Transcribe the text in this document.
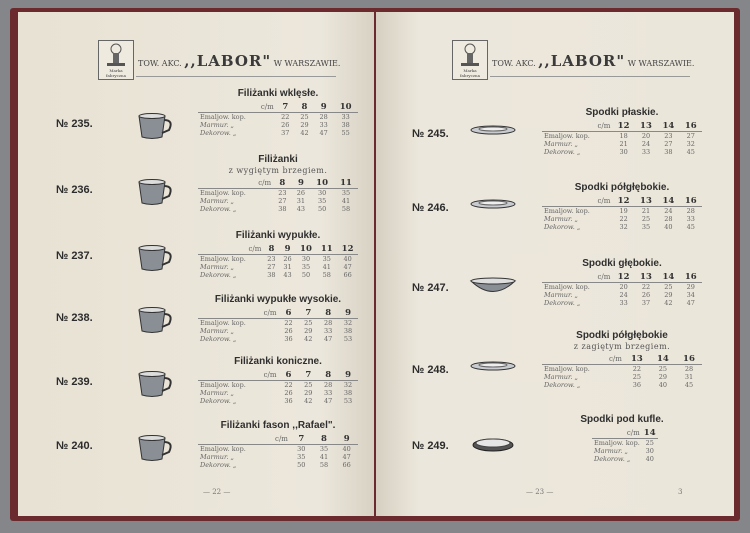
Marka fabryczna
TOW. AKC. ,,LABOR" W WARSZAWIE.
— 22 —
№ 235.
Filiżanki wklęsłe.
c/m	7	8	9	10
Emaljow. kop.	22	25	28	33
Marmur. „	26	29	33	38
Dekorow. „	37	42	47	55
№ 236.
Filiżanki
z wygiętym brzegiem.
c/m	8	9	10	11
Emaljow. kop.	23	26	30	35
Marmur. „	27	31	35	41
Dekorow. „	38	43	50	58
№ 237.
Filiżanki wypukłe.
c/m	8	9	10	11	12
Emaljow. kop.	23	26	30	35	40
Marmur. „	27	31	35	41	47
Dekorow. „	38	43	50	58	66
№ 238.
Filiżanki wypukłe wysokie.
c/m	6	7	8	9
Emaljow. kop.	22	25	28	32
Marmur. „	26	29	33	38
Dekorow. „	36	42	47	53
№ 239.
Filiżanki koniczne.
c/m	6	7	8	9
Emaljow. kop.	22	25	28	32
Marmur. „	26	29	33	38
Dekorow. „	36	42	47	53
№ 240.
Filiżanki fason ,,Rafael".
c/m	7	8	9
Emaljow. kop.	30	35	40
Marmur. „	35	41	47
Dekorow. „	50	58	66
Marka fabryczna
TOW. AKC. ,,LABOR" W WARSZAWIE.
— 23 —	3
№ 245.
Spodki płaskie.
c/m	12	13	14	16
Emaljow. kop.	18	20	23	27
Marmur. „	21	24	27	32
Dekorow. „	30	33	38	45
№ 246.
Spodki półgłębokie.
c/m	12	13	14	16
Emaljow. kop.	19	21	24	28
Marmur. „	22	25	28	33
Dekorow. „	32	35	40	45
№ 247.
Spodki głębokie.
c/m	12	13	14	16
Emaljow. kop.	20	22	25	29
Marmur. „	24	26	29	34
Dekorow. „	33	37	42	47
№ 248.
Spodki półgłębokie
z zagiętym brzegiem.
c/m	13	14	16
Emaljow. kop.	22	25	28
Marmur. „	25	29	31
Dekorow. „	36	40	45
№ 249.
Spodki pod kufle.
c/m	14
Emaljow. kop.	25
Marmur. „	30
Dekorow. „	40
